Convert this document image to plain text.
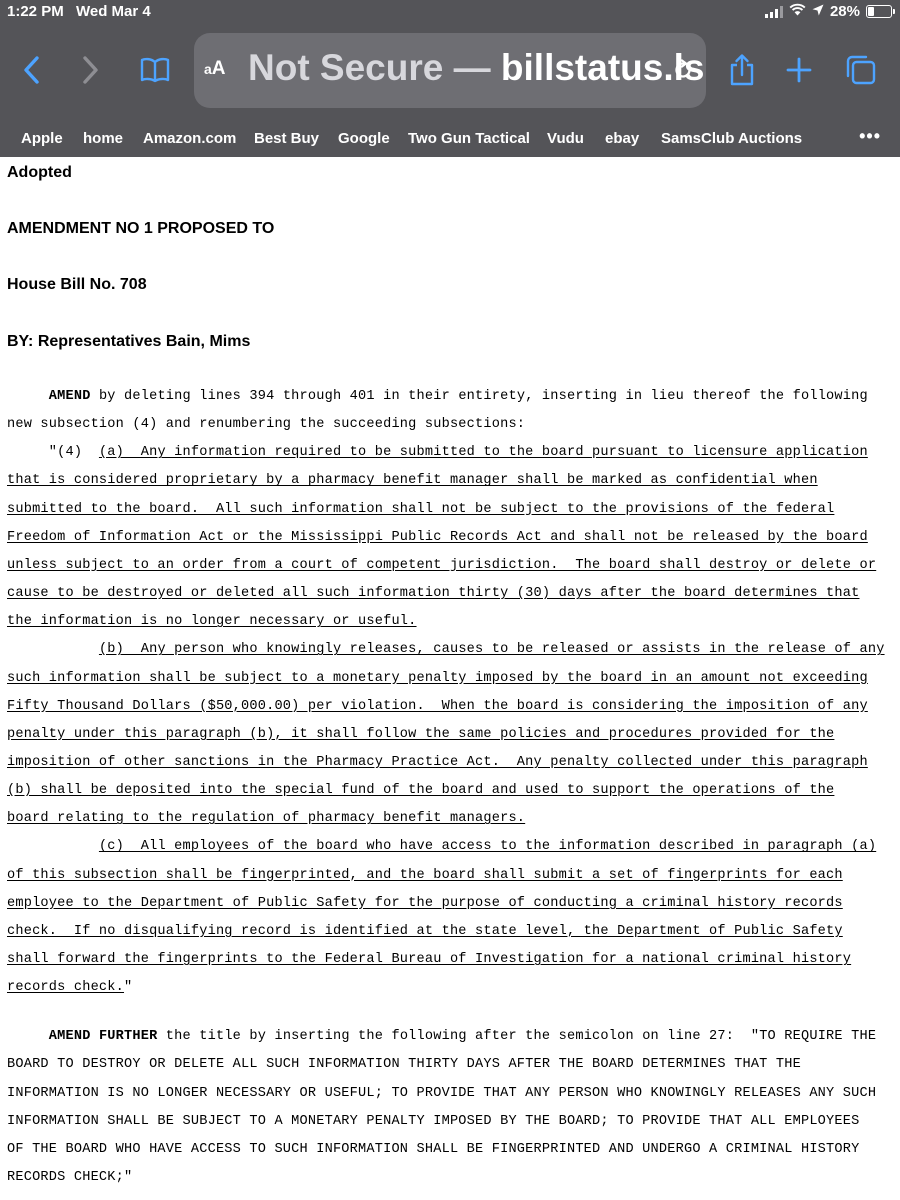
1:22 PM Wed Mar 4	28%
aA Not Secure — billstatus.ls
Apple home Amazon.com Best Buy Google Two Gun Tactical Vudu ebay SamsClub Auctions	•••
Adopted
AMENDMENT NO 1 PROPOSED TO
House Bill No. 708
BY: Representatives Bain, Mims
AMEND by deleting lines 394 through 401 in their entirety, inserting in lieu thereof the following
new subsection (4) and renumbering the succeeding subsections:
"(4)  (a)  Any information required to be submitted to the board pursuant to licensure application
that is considered proprietary by a pharmacy benefit manager shall be marked as confidential when
submitted to the board.  All such information shall not be subject to the provisions of the federal
Freedom of Information Act or the Mississippi Public Records Act and shall not be released by the board
unless subject to an order from a court of competent jurisdiction.  The board shall destroy or delete or
cause to be destroyed or deleted all such information thirty (30) days after the board determines that
the information is no longer necessary or useful.
(b)  Any person who knowingly releases, causes to be released or assists in the release of any
such information shall be subject to a monetary penalty imposed by the board in an amount not exceeding
Fifty Thousand Dollars ($50,000.00) per violation.  When the board is considering the imposition of any
penalty under this paragraph (b), it shall follow the same policies and procedures provided for the
imposition of other sanctions in the Pharmacy Practice Act.  Any penalty collected under this paragraph
(b) shall be deposited into the special fund of the board and used to support the operations of the
board relating to the regulation of pharmacy benefit managers.
(c)  All employees of the board who have access to the information described in paragraph (a)
of this subsection shall be fingerprinted, and the board shall submit a set of fingerprints for each
employee to the Department of Public Safety for the purpose of conducting a criminal history records
check.  If no disqualifying record is identified at the state level, the Department of Public Safety
shall forward the fingerprints to the Federal Bureau of Investigation for a national criminal history
records check."
AMEND FURTHER the title by inserting the following after the semicolon on line 27:  "TO REQUIRE THE
BOARD TO DESTROY OR DELETE ALL SUCH INFORMATION THIRTY DAYS AFTER THE BOARD DETERMINES THAT THE
INFORMATION IS NO LONGER NECESSARY OR USEFUL; TO PROVIDE THAT ANY PERSON WHO KNOWINGLY RELEASES ANY SUCH
INFORMATION SHALL BE SUBJECT TO A MONETARY PENALTY IMPOSED BY THE BOARD; TO PROVIDE THAT ALL EMPLOYEES
OF THE BOARD WHO HAVE ACCESS TO SUCH INFORMATION SHALL BE FINGERPRINTED AND UNDERGO A CRIMINAL HISTORY
RECORDS CHECK;"
